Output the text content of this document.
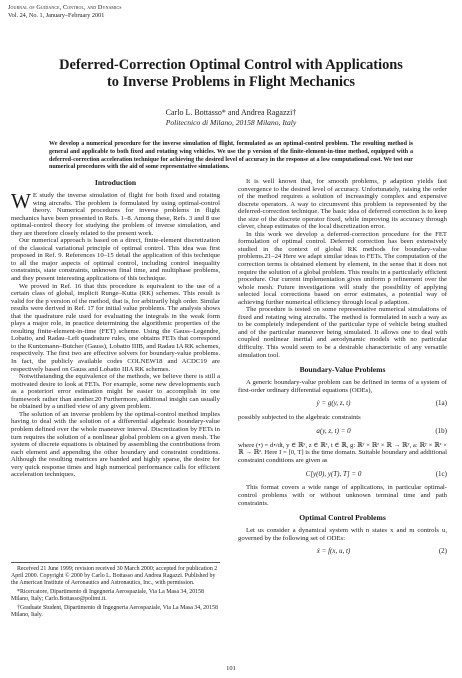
Journal of Guidance, Control, and Dynamics
Vol. 24, No. 1, January–February 2001
Deferred-Correction Optimal Control with Applications
to Inverse Problems in Flight Mechanics
Carlo L. Bottasso* and Andrea Ragazzi†
Politecnico di Milano, 20158 Milano, Italy
We develop a numerical procedure for the inverse simulation of flight, formulated as an optimal-control problem. The resulting method is general and applicable to both fixed and rotating wing vehicles. We use the p version of the finite-element-in-time method, equipped with a deferred-correction acceleration technique for achieving the desired level of accuracy in the response at a low computational cost. We test our numerical procedures with the aid of some representative simulations.
Introduction

W E study the inverse simulation of flight for both fixed and rotating wing aircrafts. The problem is formulated by using optimal-control theory. Numerical procedures for inverse problems in flight mechanics have been presented in Refs. 1–8. Among these, Refs. 3 and 8 use optimal-control theory for studying the problem of inverse simulation, and they are therefore closely related to the present work.

Our numerical approach is based on a direct, finite-element discretization of the classical variational principle of optimal control. This idea was first proposed in Ref. 9. References 10–15 detail the application of this technique to all the major aspects of optimal control, including control inequality constraints, state constraints, unknown final time, and multiphase problems, and they present interesting applications of this technique.

We proved in Ref. 16 that this procedure is equivalent to the use of a certain class of global, implicit Runge–Kutta (RK) schemes. This result is valid for the p version of the method, that is, for arbitrarily high order. Similar results were derived in Ref. 17 for initial value problems. The analysis shows that the quadrature rule used for evaluating the integrals in the weak form plays a major role, in practice determining the algorithmic properties of the resulting finite-element-in-time (FET) scheme. Using the Gauss–Legendre, Lobatto, and Radau–Left quadrature rules, one obtains FETs that correspond to the Kuntzmann–Butcher (Gauss), Lobatto IIIB, and Radau IA RK schemes, respectively. The first two are effective solvers for boundary-value problems. In fact, the publicly available codes COLNEW18 and ACDC19 are respectively based on Gauss and Lobatto IIIA RK schemes.

Notwithstanding the equivalence of the methods, we believe there is still a motivated desire to look at FETs. For example, some new developments such as a posteriori error estimation might be easier to accomplish in one framework rather than another.20 Furthermore, additional insight can usually be obtained by a unified view of any given problem.

The solution of an inverse problem by the optimal-control method implies having to deal with the solution of a differential algebraic boundary-value problem defined over the whole maneuver interval. Discretization by FETs in turn requires the solution of a nonlinear global problem on a given mesh. The system of discrete equations is obtained by assembling the contributions from each element and appending the other boundary and constraint conditions. Although the resulting matrices are banded and highly sparse, the desire for very quick response times and high numerical performance calls for efficient acceleration techniques.

Received 21 June 1999; revision received 30 March 2000; accepted for publication 2 April 2000. Copyright © 2000 by Carlo L. Bottasso and Andrea Ragazzi. Published by the American Institute of Aeronautics and Astronautics, Inc., with permission.

*Ricercatore, Dipartimento di Ingegneria Aerospaziale, Via La Masa 34, 20158 Milano, Italy; Carlo.Bottasso@polimi.it.

†Graduate Student, Dipartimento di Ingegneria Aerospaziale, Via La Masa 34, 20158 Milano, Italy.

It is well known that, for smooth problems, p adaption yields fast convergence to the desired level of accuracy. Unfortunately, raising the order of the method requires a solution of increasingly complex and expensive discrete operators. A way to circumvent this problem is represented by the deferred-correction technique. The basic idea of deferred correction is to keep the size of the discrete operator fixed, while improving its accuracy through clever, cheap estimates of the local discretization error.

In this work we develop a deferred-correction procedure for the FET formulation of optimal control. Deferred correction has been extensively studied in the context of global RK methods for boundary-value problems.21–24 Here we adapt similar ideas to FETs. The computation of the correction terms is obtained element by element, in the sense that it does not require the solution of a global problem. This results in a particularly efficient procedure. Our current implementation gives uniform p refinement over the whole mesh. Future investigations will study the possibility of applying selected local corrections based on error estimates, a potential way of achieving further numerical efficiency through local p adaption.

The procedure is tested on some representative numerical simulations of fixed and rotating wing aircrafts. The method is formulated in such a way as to be completely independent of the particular type of vehicle being studied and of the particular maneuver being simulated. It allows one to deal with coupled nonlinear inertial and aerodynamic models with no particular difficulty. This would seem to be a desirable characteristic of any versatile simulation tool.

Boundary-Value Problems

A generic boundary-value problem can be defined in terms of a system of first-order ordinary differential equations (ODEs),

ẏ = g(y, z, t)	(1a)

possibly subjected to the algebraic constraints

a(y, z, t) = 0	(1b)

where (•) = d•/dt, y ∈ ℝʸ, z ∈ ℝᶻ, t ∈ ℝ, g: ℝʸ × ℝᶻ × ℝ → ℝʸ, a: ℝʸ × ℝᶻ × ℝ → ℝᵃ. Here I = [0, T] is the time domain. Suitable boundary and additional constraint conditions are given as

C[y(0), y(T), T] = 0	(1c)

This format covers a wide range of applications, in particular optimal-control problems with or without unknown terminal time and path constraints.

Optimal Control Problems

Let us consider a dynamical system with n states x and m controls u, governed by the following set of ODEs:

ẋ = f(x, u, t)	(2)
101
